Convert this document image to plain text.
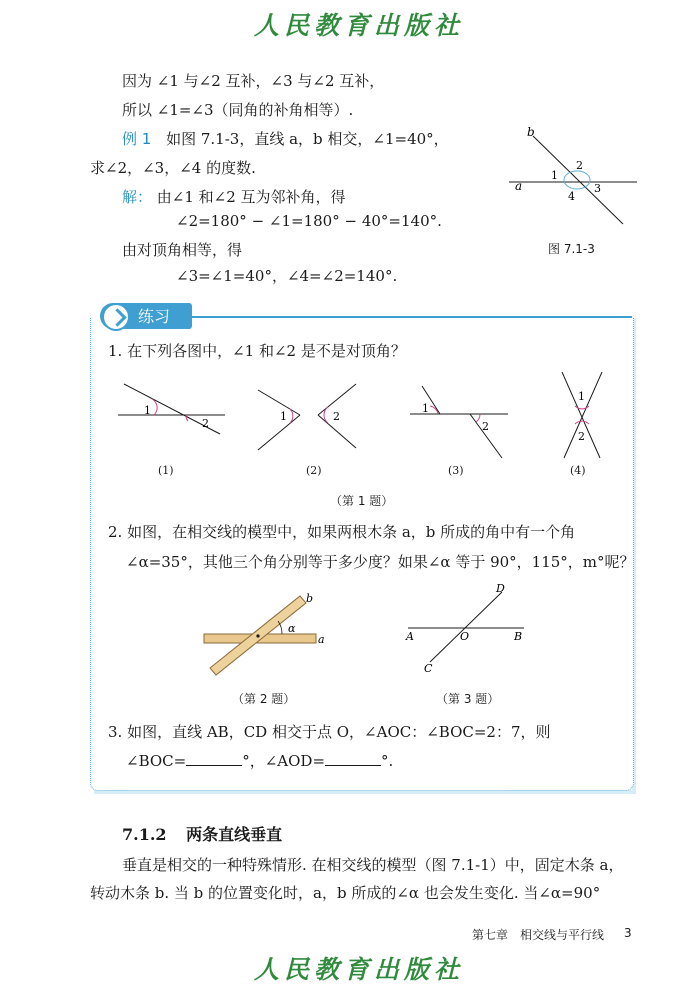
人民教育出版社
因为 ∠1 与∠2 互补，∠3 与∠2 互补，
所以 ∠1=∠3（同角的补角相等）.
例 1 如图 7.1-3，直线 a，b 相交，∠1=40°，
求∠2，∠3，∠4 的度数.
解： 由∠1 和∠2 互为邻补角，得
∠2=180° − ∠1=180° − 40°=140°.
由对顶角相等，得
∠3=∠1=40°，∠4=∠2=140°.
a
b
1
2
3
4
图 7.1-3
练习
1. 在下列各图中，∠1 和∠2 是不是对顶角？
1
2
1	2
1
2
1
2
(1)	(2)	(3)	(4)
（第 1 题）
2. 如图，在相交线的模型中，如果两根木条 a，b 所成的角中有一个角
∠α=35°，其他三个角分别等于多少度？如果∠α 等于 90°，115°，m°呢？
α
a
b
（第 2 题）
A	B
C
D
O
（第 3 题）
3. 如图，直线 AB，CD 相交于点 O，∠AOC：∠BOC=2：7，则
∠BOC=	°，∠AOD=	°.
7.1.2 两条直线垂直
垂直是相交的一种特殊情形. 在相交线的模型（图 7.1-1）中，固定木条 a，
转动木条 b. 当 b 的位置变化时，a，b 所成的∠α 也会发生变化. 当∠α=90°
第七章　相交线与平行线 3
人民教育出版社
